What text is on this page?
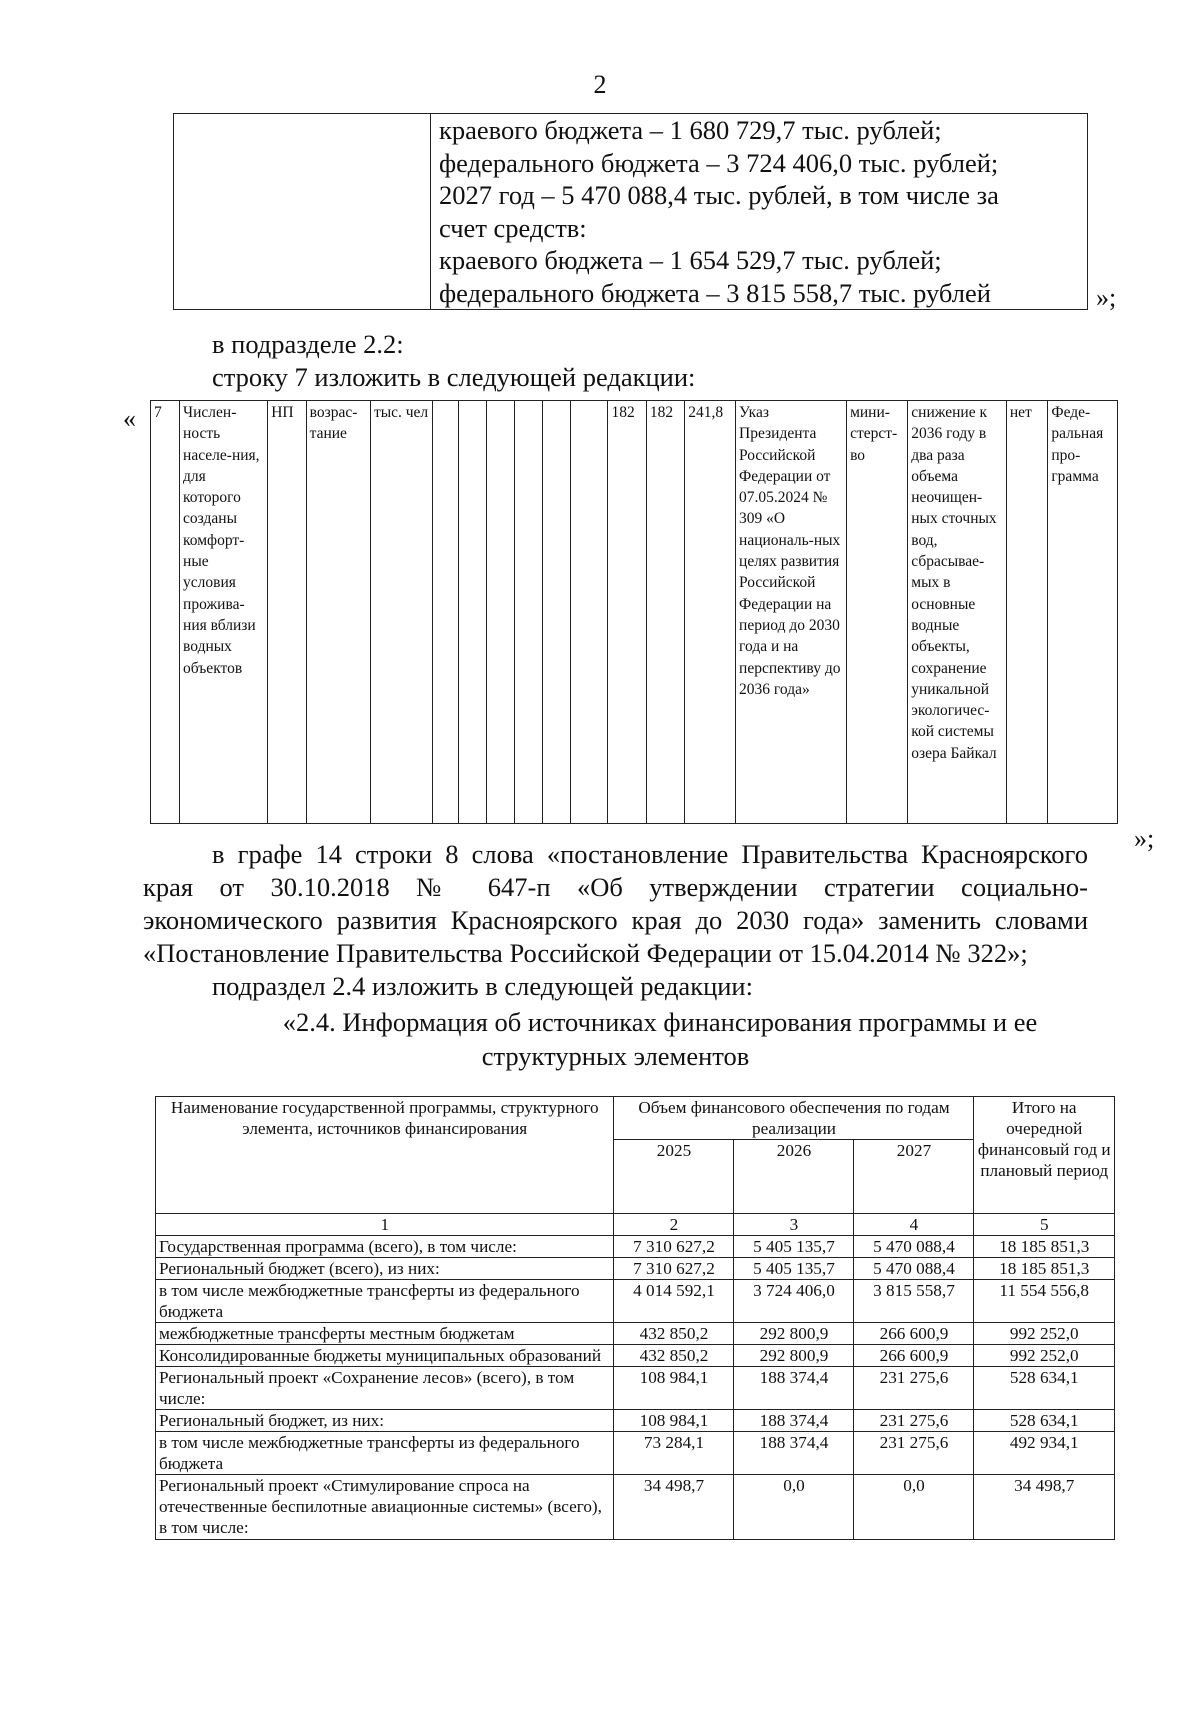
2

краевого бюджета – 1 680 729,7 тыс. рублей;
федерального бюджета – 3 724 406,0 тыс. рублей;
2027 год – 5 470 088,4 тыс. рублей, в том числе за
счет средств:
краевого бюджета – 1 654 529,7 тыс. рублей;
федерального бюджета – 3 815 558,7 тыс. рублей	»;
в подразделе 2.2:
строку 7 изложить в следующей редакции:
« 7	Числен-ность населе-ния, для которого созданы комфорт-ные условия прожива-ния вблизи водных объектов	НП	возрас-тание	тыс. чел							182	182	241,8	Указ Президента Российской Федерации от 07.05.2024 № 309 «О националь-ных целях развития Российской Федерации на период до 2030 года и на перспективу до 2036 года»	мини-стерст-во	снижение к 2036 году в два раза объема неочищен-ных сточных вод, сбрасывае-мых в основные водные объекты, сохранение уникальной экологичес-кой системы озера Байкал	нет	Феде-ральная про-грамма
»;
в графе 14 строки 8 слова «постановление Правительства Красноярского
края от 30.10.2018 № 647-п «Об утверждении стратегии социально-
экономического развития Красноярского края до 2030 года» заменить словами
«Постановление Правительства Российской Федерации от 15.04.2014 № 322»;
подраздел 2.4 изложить в следующей редакции:
«2.4. Информация об источниках финансирования программы и ее
структурных элементов
Наименование государственной программы, структурного элемента, источников финансирования	Объем финансового обеспечения по годам реализации			Итого на очередной финансовый год и плановый период
	2025	2026	2027	
1	2	3	4	5
Государственная программа (всего), в том числе:	7 310 627,2	5 405 135,7	5 470 088,4	18 185 851,3
Региональный бюджет (всего), из них:	7 310 627,2	5 405 135,7	5 470 088,4	18 185 851,3
в том числе межбюджетные трансферты из федерального бюджета	4 014 592,1	3 724 406,0	3 815 558,7	11 554 556,8
межбюджетные трансферты местным бюджетам	432 850,2	292 800,9	266 600,9	992 252,0
Консолидированные бюджеты муниципальных образований	432 850,2	292 800,9	266 600,9	992 252,0
Региональный проект «Сохранение лесов» (всего), в том числе:	108 984,1	188 374,4	231 275,6	528 634,1
Региональный бюджет, из них:	108 984,1	188 374,4	231 275,6	528 634,1
в том числе межбюджетные трансферты из федерального бюджета	73 284,1	188 374,4	231 275,6	492 934,1
Региональный проект «Стимулирование спроса на отечественные беспилотные авиационные системы» (всего), в том числе:	34 498,7	0,0	0,0	34 498,7
